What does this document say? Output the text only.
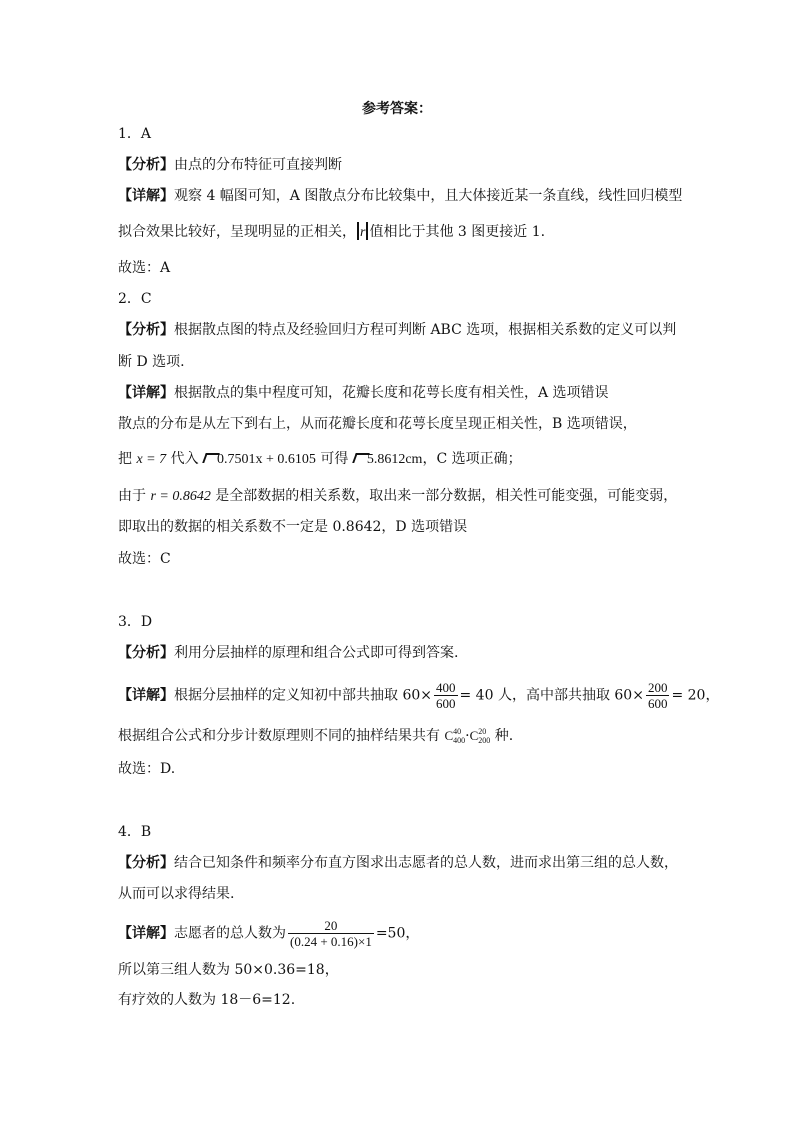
参考答案：
1．A
【分析】由点的分布特征可直接判断
【详解】观察 4 幅图可知，A 图散点分布比较集中，且大体接近某一条直线，线性回归模型
拟合效果比较好，呈现明显的正相关， r 值相比于其他 3 图更接近 1.
故选：A
2．C
【分析】根据散点图的特点及经验回归方程可判断 ABC 选项，根据相关系数的定义可以判
断 D 选项.
【详解】根据散点的集中程度可知，花瓣长度和花萼长度有相关性，A 选项错误
散点的分布是从左下到右上，从而花瓣长度和花萼长度呈现正相关性，B 选项错误，
把 x = 7 代入 0.7501x + 0.6105 可得 5.8612cm，C 选项正确；
由于 r = 0.8642 是全部数据的相关系数，取出来一部分数据，相关性可能变强，可能变弱，
即取出的数据的相关系数不一定是 0.8642，D 选项错误
故选：C
3．D
【分析】利用分层抽样的原理和组合公式即可得到答案.
【详解】根据分层抽样的定义知初中部共抽取 $60\times \frac{400}{600} = 40$ 人，高中部共抽取 $60\times \frac{200}{600} = 20$，
根据组合公式和分步计数原理则不同的抽样结果共有 $C^{40}_{400}\cdot C^{20}_{200}$ 种.
故选：D.
4．B
【分析】结合已知条件和频率分布直方图求出志愿者的总人数，进而求出第三组的总人数，
从而可以求得结果.
【详解】志愿者的总人数为 $\frac{20}{(0.24 + 0.16)\times 1} =50$，
所以第三组人数为 50×0.36=18，
有疗效的人数为 18－6=12.
